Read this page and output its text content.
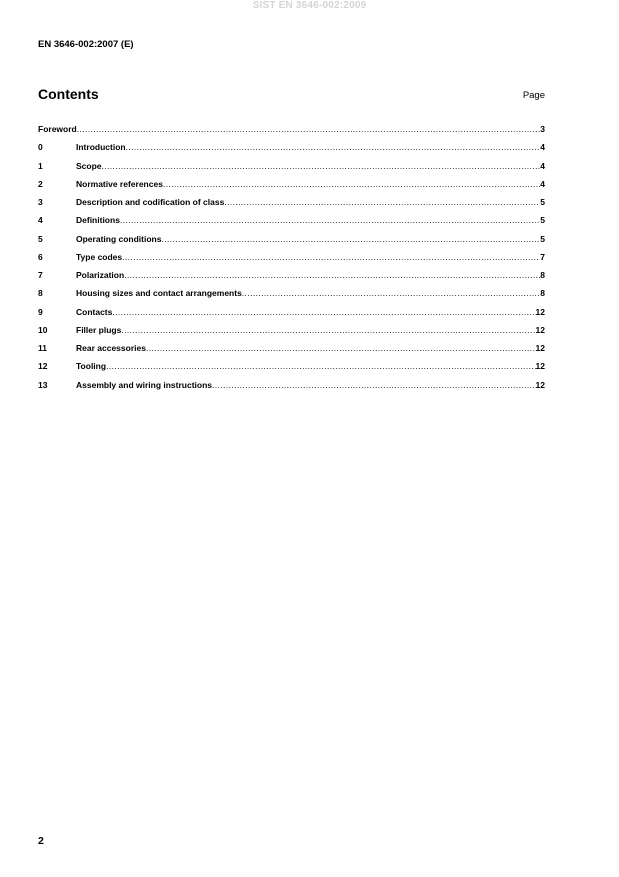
SIST EN 3646-002:2009
EN 3646-002:2007 (E)
Contents	Page
Foreword .....	3
0	Introduction .....	4
1	Scope .....	4
2	Normative references .....	4
3	Description and codification of class .....	5
4	Definitions .....	5
5	Operating conditions .....	5
6	Type codes .....	7
7	Polarization .....	8
8	Housing sizes and contact arrangements .....	8
9	Contacts .....	12
10	Filler plugs .....	12
11	Rear accessories .....	12
12	Tooling .....	12
13	Assembly and wiring instructions .....	12
2
